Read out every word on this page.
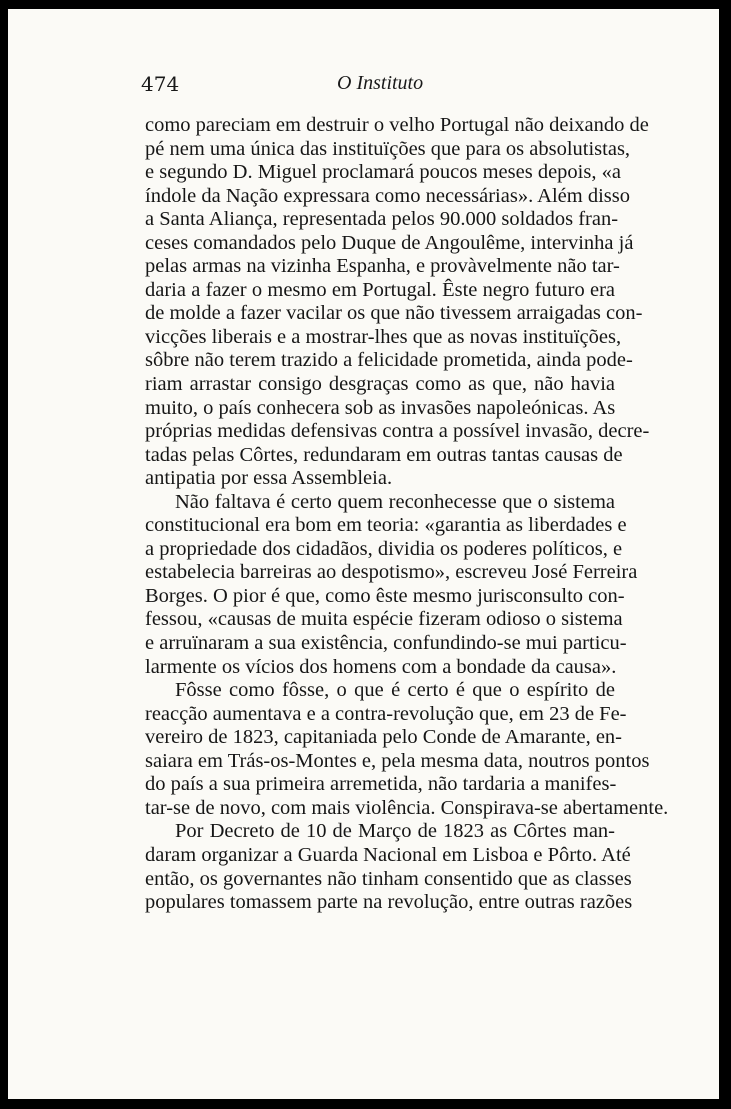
474	O Instituto
como pareciam em destruir o velho Portugal não deixando de
pé nem uma única das instituïções que para os absolutistas,
e segundo D. Miguel proclamará poucos meses depois, «a
índole da Nação expressara como necessárias». Além disso
a Santa Aliança, representada pelos 90.000 soldados fran-
ceses comandados pelo Duque de Angoulême, intervinha já
pelas armas na vizinha Espanha, e provàvelmente não tar-
daria a fazer o mesmo em Portugal. Êste negro futuro era
de molde a fazer vacilar os que não tivessem arraigadas con-
vicções liberais e a mostrar-lhes que as novas instituïções,
sôbre não terem trazido a felicidade prometida, ainda pode-
riam arrastar consigo desgraças como as que, não havia
muito, o país conhecera sob as invasões napoleónicas. As
próprias medidas defensivas contra a possível invasão, decre-
tadas pelas Côrtes, redundaram em outras tantas causas de
antipatia por essa Assembleia.
Não faltava é certo quem reconhecesse que o sistema
constitucional era bom em teoria: «garantia as liberdades e
a propriedade dos cidadãos, dividia os poderes políticos, e
estabelecia barreiras ao despotismo», escreveu José Ferreira
Borges. O pior é que, como êste mesmo jurisconsulto con-
fessou, «causas de muita espécie fizeram odioso o sistema
e arruïnaram a sua existência, confundindo-se mui particu-
larmente os vícios dos homens com a bondade da causa».
Fôsse como fôsse, o que é certo é que o espírito de
reacção aumentava e a contra-revolução que, em 23 de Fe-
vereiro de 1823, capitaniada pelo Conde de Amarante, en-
saiara em Trás-os-Montes e, pela mesma data, noutros pontos
do país a sua primeira arremetida, não tardaria a manifes-
tar-se de novo, com mais violência. Conspirava-se abertamente.
Por Decreto de 10 de Março de 1823 as Côrtes man-
daram organizar a Guarda Nacional em Lisboa e Pôrto. Até
então, os governantes não tinham consentido que as classes
populares tomassem parte na revolução, entre outras razões
